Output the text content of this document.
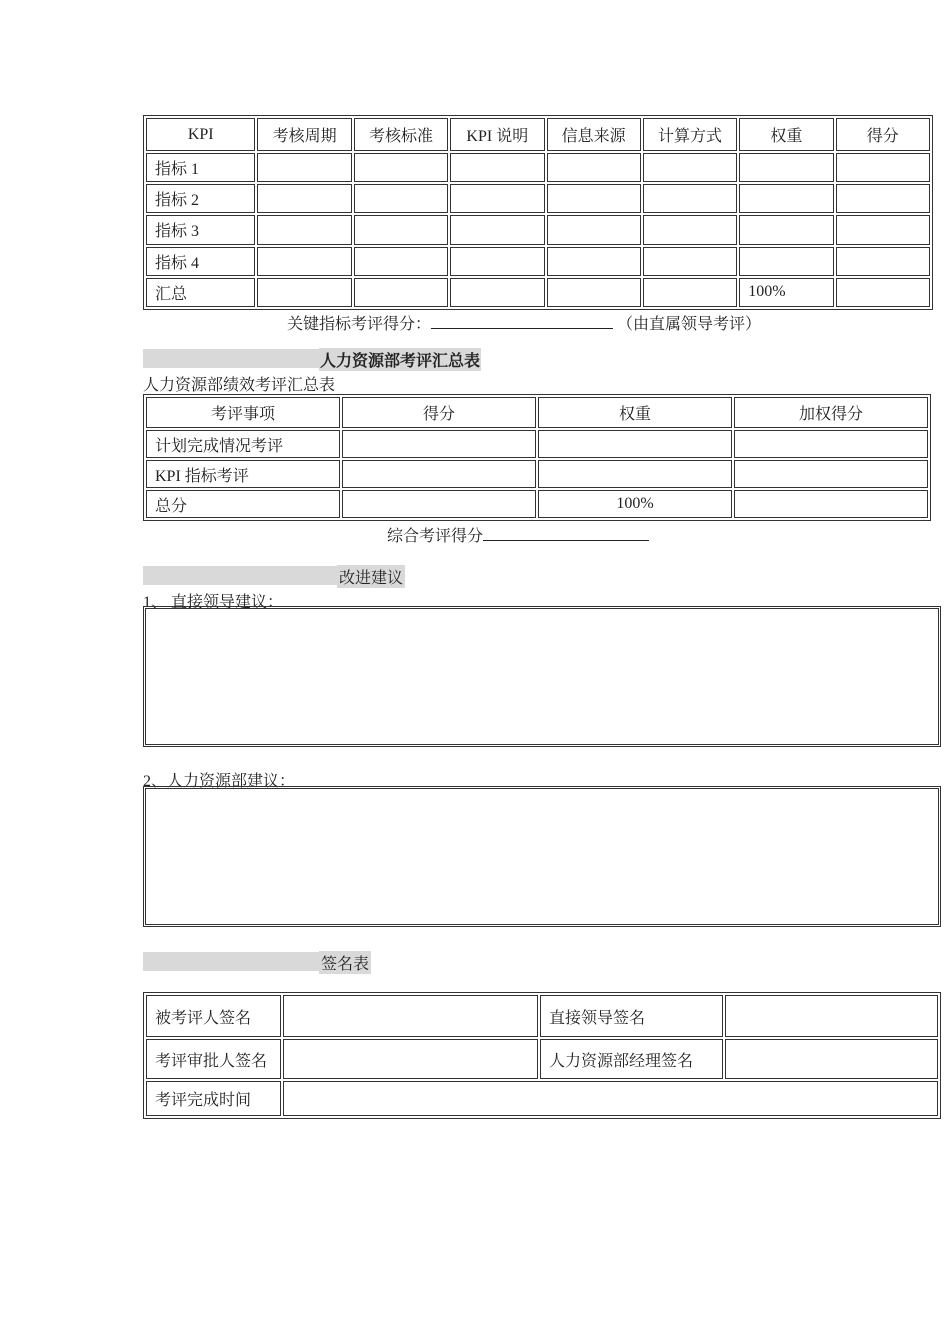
KPI	考核周期	考核标准	KPI 说明	信息来源	计算方式	权重	得分
指标 1							
指标 2							
指标 3							
指标 4							
汇总						100%	
关键指标考评得分：	（由直属领导考评）
人力资源部考评汇总表
人力资源部绩效考评汇总表
考评事项	得分	权重	加权得分
计划完成情况考评			
KPI 指标考评			
总分		100%	
综合考评得分
改进建议
1、 直接领导建议：
2、人力资源部建议：
签名表
被考评人签名		直接领导签名	
考评审批人签名		人力资源部经理签名	
考评完成时间			
